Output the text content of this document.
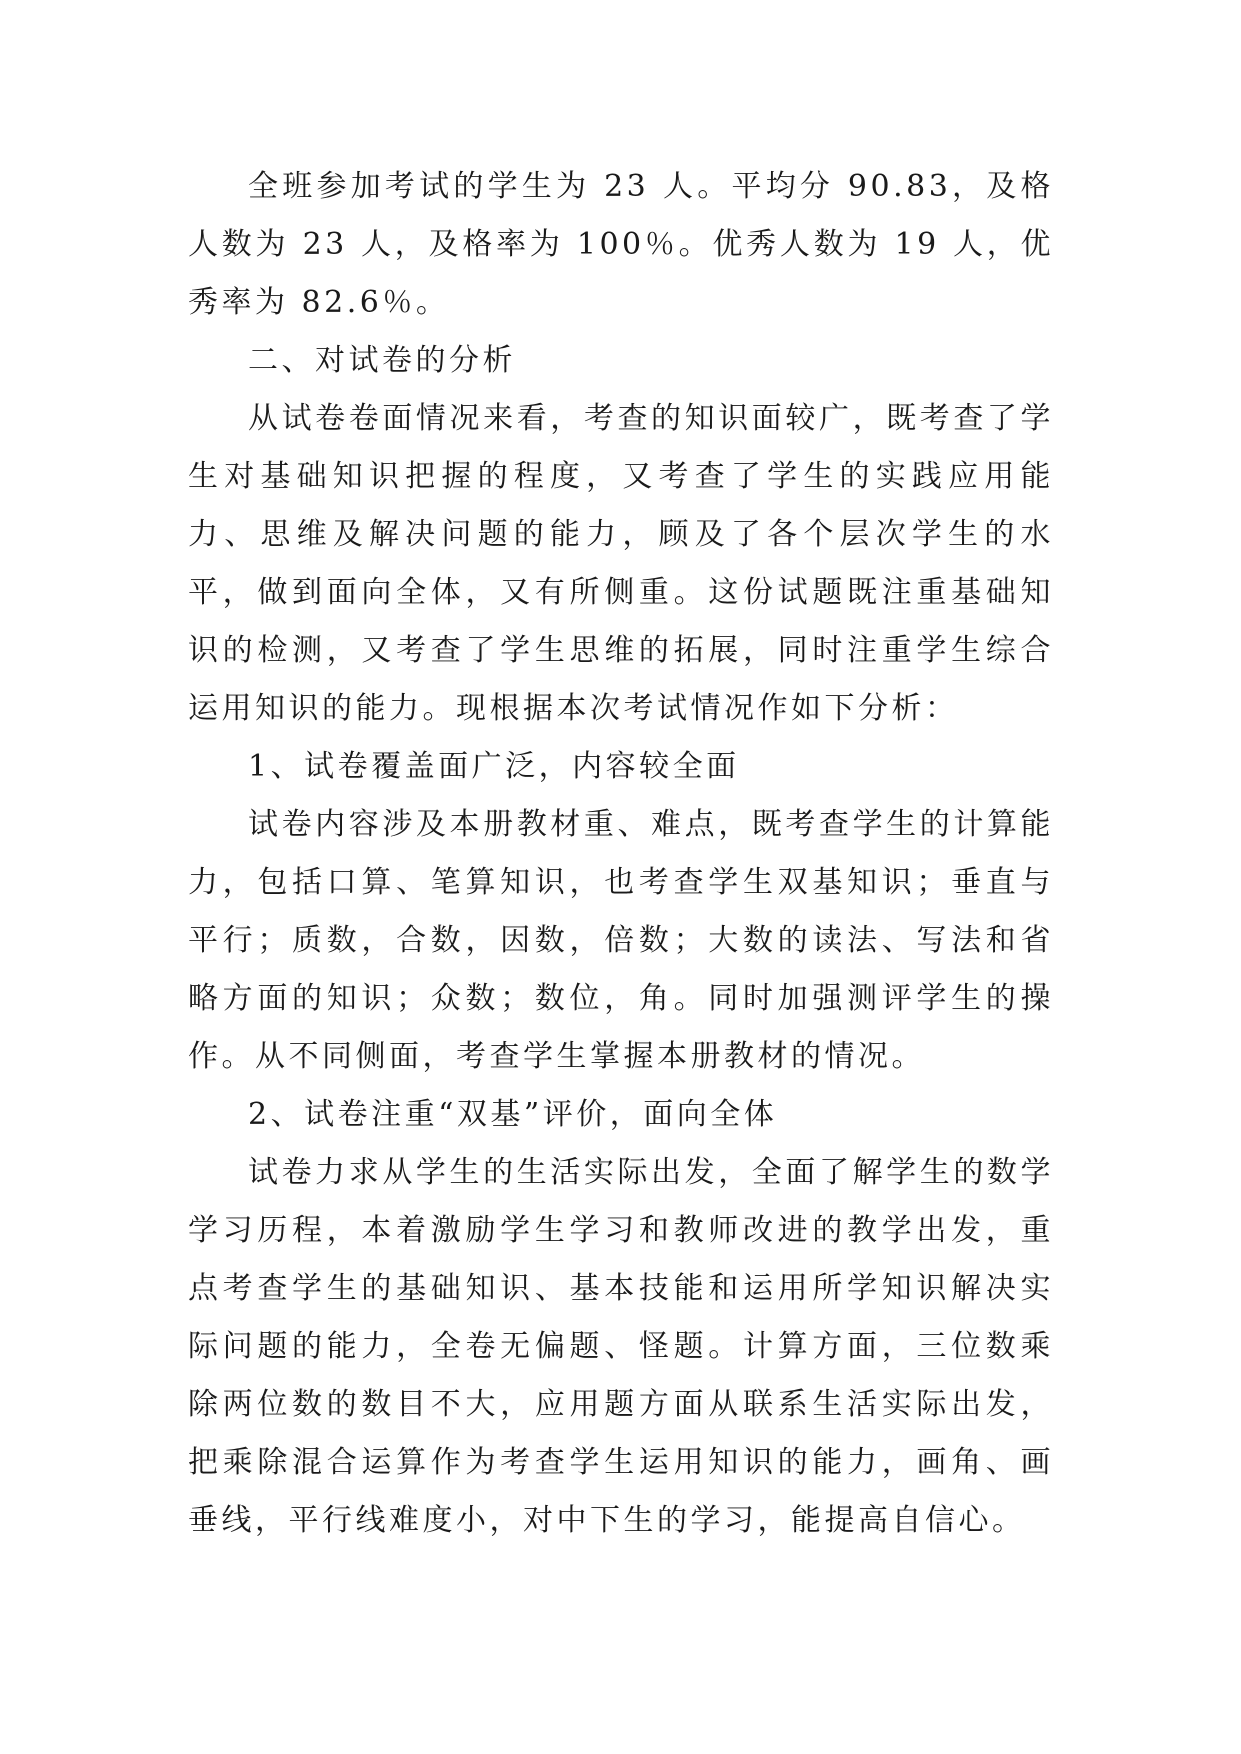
全班参加考试的学生为 23 人。平均分 90.83，及格人数为 23 人，及格率为 100％。优秀人数为 19 人，优秀率为 82.6％。

二、对试卷的分析

从试卷卷面情况来看，考查的知识面较广，既考查了学生对基础知识把握的程度，又考查了学生的实践应用能力、思维及解决问题的能力，顾及了各个层次学生的水平，做到面向全体，又有所侧重。这份试题既注重基础知识的检测，又考查了学生思维的拓展，同时注重学生综合运用知识的能力。现根据本次考试情况作如下分析：

1、试卷覆盖面广泛，内容较全面

试卷内容涉及本册教材重、难点，既考查学生的计算能力，包括口算、笔算知识，也考查学生双基知识；垂直与平行；质数，合数，因数，倍数；大数的读法、写法和省略方面的知识；众数；数位，角。同时加强测评学生的操作。从不同侧面，考查学生掌握本册教材的情况。

2、试卷注重“双基”评价，面向全体

试卷力求从学生的生活实际出发，全面了解学生的数学学习历程，本着激励学生学习和教师改进的教学出发，重点考查学生的基础知识、基本技能和运用所学知识解决实际问题的能力，全卷无偏题、怪题。计算方面，三位数乘除两位数的数目不大，应用题方面从联系生活实际出发，把乘除混合运算作为考查学生运用知识的能力，画角、画垂线，平行线难度小，对中下生的学习，能提高自信心。
